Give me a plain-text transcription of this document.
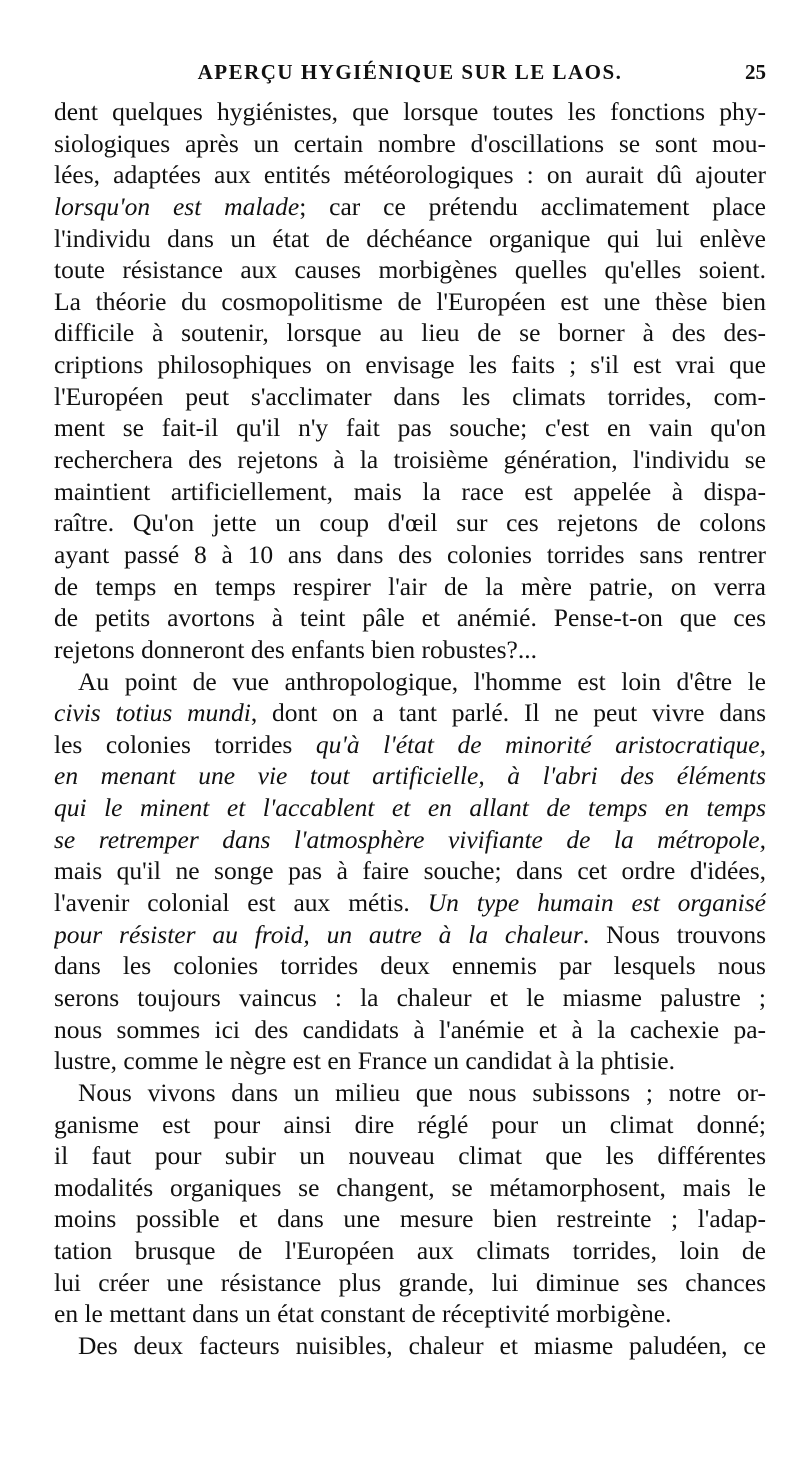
APERÇU HYGIÉNIQUE SUR LE LAOS.	25
dent quelques hygiénistes, que lorsque toutes les fonctions phy-
siologiques après un certain nombre d'oscillations se sont mou-
lées, adaptées aux entités météorologiques : on aurait dû ajouter
lorsqu'on est malade; car ce prétendu acclimatement place
l'individu dans un état de déchéance organique qui lui enlève
toute résistance aux causes morbigènes quelles qu'elles soient.
La théorie du cosmopolitisme de l'Européen est une thèse bien
difficile à soutenir, lorsque au lieu de se borner à des des-
criptions philosophiques on envisage les faits ; s'il est vrai que
l'Européen peut s'acclimater dans les climats torrides, com-
ment se fait-il qu'il n'y fait pas souche; c'est en vain qu'on
recherchera des rejetons à la troisième génération, l'individu se
maintient artificiellement, mais la race est appelée à dispa-
raître. Qu'on jette un coup d'œil sur ces rejetons de colons
ayant passé 8 à 10 ans dans des colonies torrides sans rentrer
de temps en temps respirer l'air de la mère patrie, on verra
de petits avortons à teint pâle et anémié. Pense-t-on que ces
rejetons donneront des enfants bien robustes?...
Au point de vue anthropologique, l'homme est loin d'être le
civis totius mundi, dont on a tant parlé. Il ne peut vivre dans
les colonies torrides qu'à l'état de minorité aristocratique,
en menant une vie tout artificielle, à l'abri des éléments
qui le minent et l'accablent et en allant de temps en temps
se retremper dans l'atmosphère vivifiante de la métropole,
mais qu'il ne songe pas à faire souche; dans cet ordre d'idées,
l'avenir colonial est aux métis. Un type humain est organisé
pour résister au froid, un autre à la chaleur. Nous trouvons
dans les colonies torrides deux ennemis par lesquels nous
serons toujours vaincus : la chaleur et le miasme palustre ;
nous sommes ici des candidats à l'anémie et à la cachexie pa-
lustre, comme le nègre est en France un candidat à la phtisie.
Nous vivons dans un milieu que nous subissons ; notre or-
ganisme est pour ainsi dire réglé pour un climat donné;
il faut pour subir un nouveau climat que les différentes
modalités organiques se changent, se métamorphosent, mais le
moins possible et dans une mesure bien restreinte ; l'adap-
tation brusque de l'Européen aux climats torrides, loin de
lui créer une résistance plus grande, lui diminue ses chances
en le mettant dans un état constant de réceptivité morbigène.
Des deux facteurs nuisibles, chaleur et miasme paludéen, ce
